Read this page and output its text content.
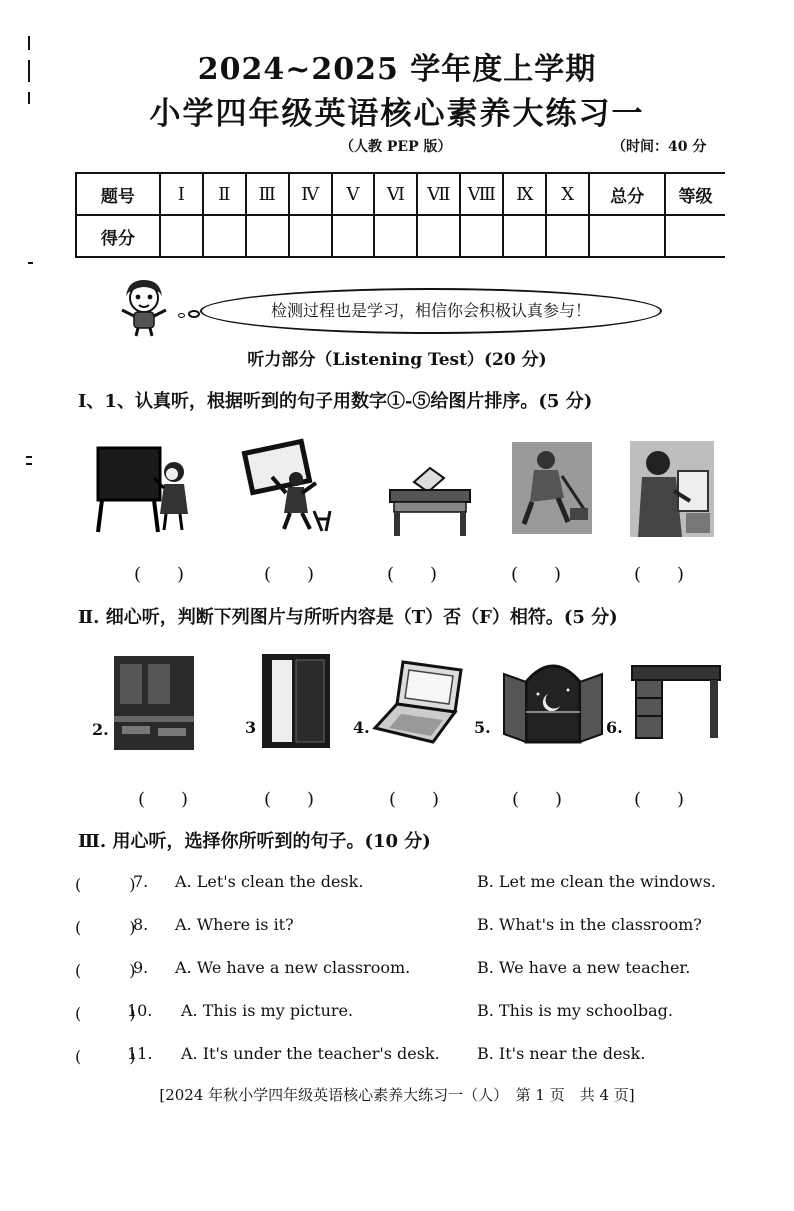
2024~2025 学年度上学期
小学四年级英语核心素养大练习一
（人教 PEP 版）	（时间：40 分
题号	Ⅰ	Ⅱ	Ⅲ	Ⅳ	Ⅴ	Ⅵ	Ⅶ	Ⅷ	Ⅸ	Ⅹ	总分	等级
得分												
检测过程也是学习，相信你会积极认真参与！
听力部分（Listening Test）(20 分)
Ⅰ、1、认真听，根据听到的句子用数字①-⑤给图片排序。(5 分)
(　　)	(　　)	(　　)	(　　)	(　　)
Ⅱ. 细心听，判断下列图片与所听内容是（T）否（F）相符。(5 分)
2.	3	4.	5.	6.
(　　)	(　　)	(　　)	(　　)	(　　)
Ⅲ. 用心听，选择你所听到的句子。(10 分)
(　　　)
7. A. Let's clean the desk.	B. Let me clean the windows.
(　　　)
8. A. Where is it?	B. What's in the classroom?
(　　　)
9. A. We have a new classroom.	B. We have a new teacher.
(　　　)
10. A. This is my picture.	B. This is my schoolbag.
(　　　)
11. A. It's under the teacher's desk. B. It's near the desk.
[2024 年秋小学四年级英语核心素养大练习一（人）　第 1 页　共 4 页]
